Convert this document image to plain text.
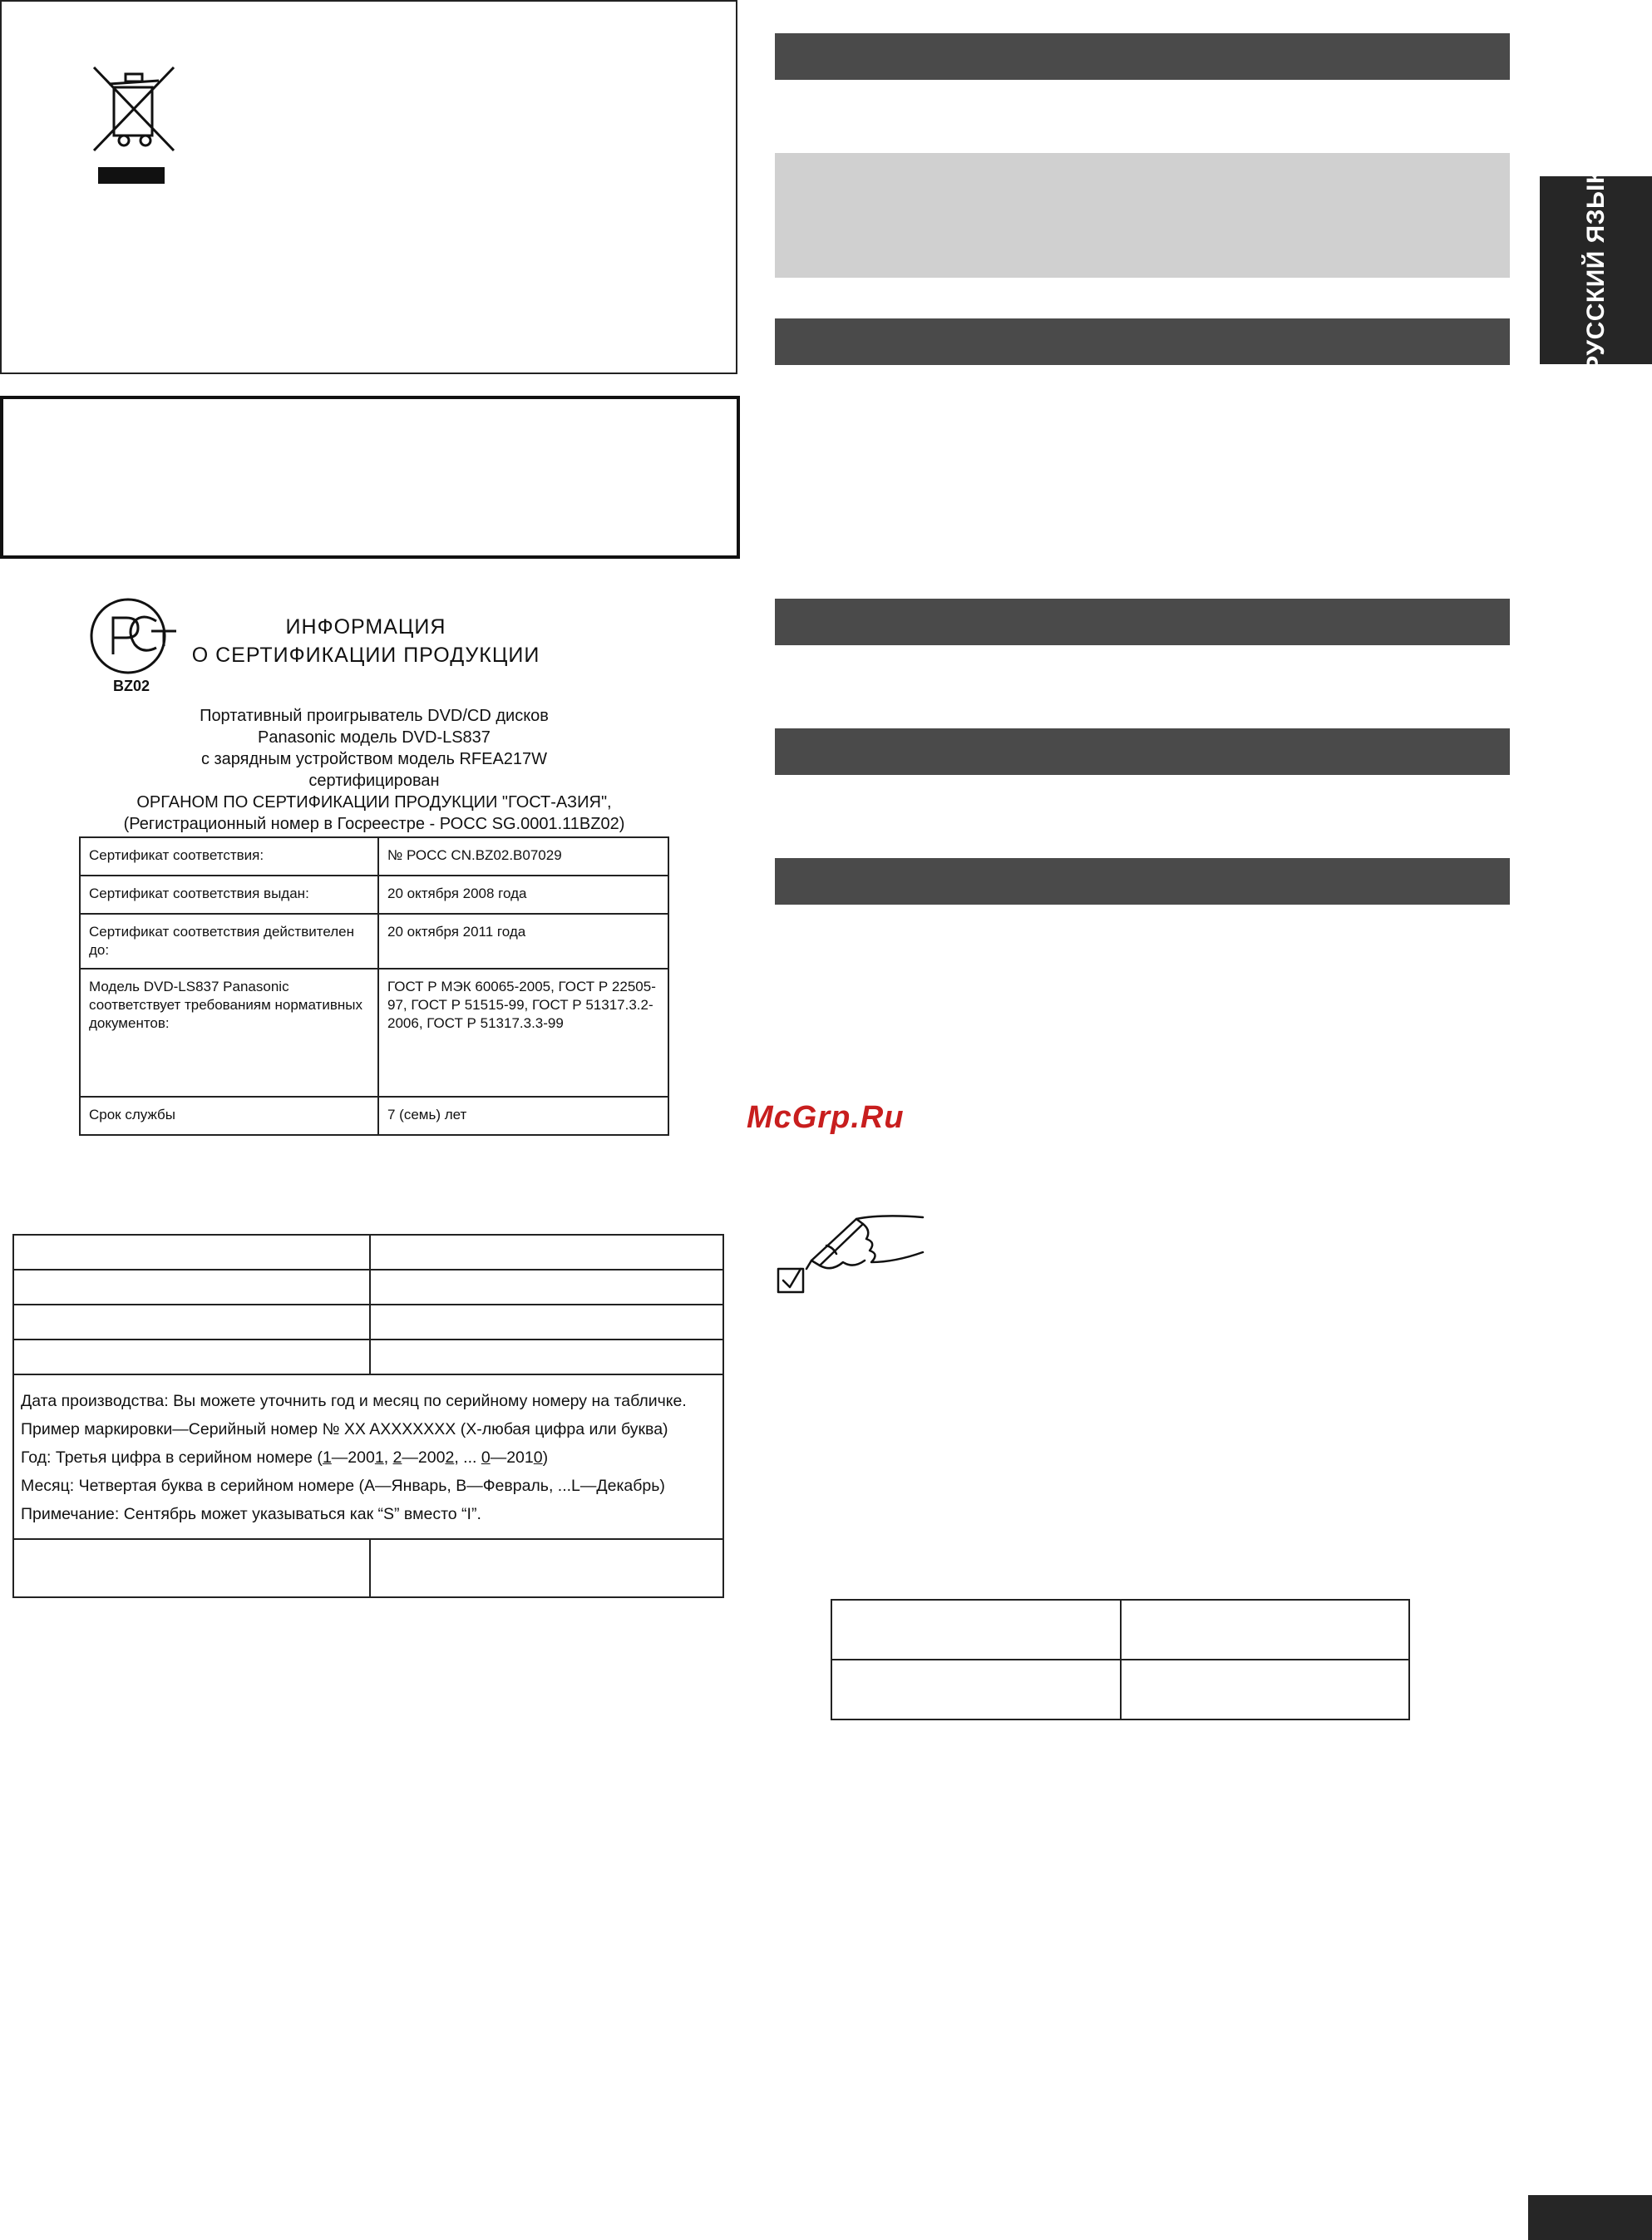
BZ02
ИНФОРМАЦИЯ
О СЕРТИФИКАЦИИ ПРОДУКЦИИ
Портативный проигрыватель DVD/CD дисков
Panasonic модель DVD-LS837
с зарядным устройством модель RFEA217W
сертифицирован
ОРГАНОМ ПО СЕРТИФИКАЦИИ ПРОДУКЦИИ "ГОСТ-АЗИЯ",
(Регистрационный номер в Госреестре - РОСС SG.0001.11BZ02)
Сертификат соответствия:	№ РОСС CN.BZ02.B07029
Сертификат соответствия выдан:	20 октября 2008 года
Сертификат соответствия действителен до:	20 октября 2011 года
Модель DVD-LS837 Panasonic соответствует требованиям нормативных документов:	ГОСТ Р МЭК 60065-2005, ГОСТ Р 22505-97, ГОСТ Р 51515-99, ГОСТ Р 51317.3.2-2006, ГОСТ Р 51317.3.3-99
Срок службы	7 (семь) лет

Дата производства: Вы можете уточнить год и месяц по серийному номеру на табличке.
Пример маркировки—Серийный номер № XX AXXXXXXX (X-любая цифра или буква)
Год: Третья цифра в серийном номере (1—2001, 2—2002, ... 0—2010)
Месяц: Четвертая буква в серийном номере (A—Январь, B—Февраль, ...L—Декабрь)
Примечание: Сентябрь может указываться как “S” вместо “I”.	

РУССКИЙ ЯЗЫК
McGrp.Ru
